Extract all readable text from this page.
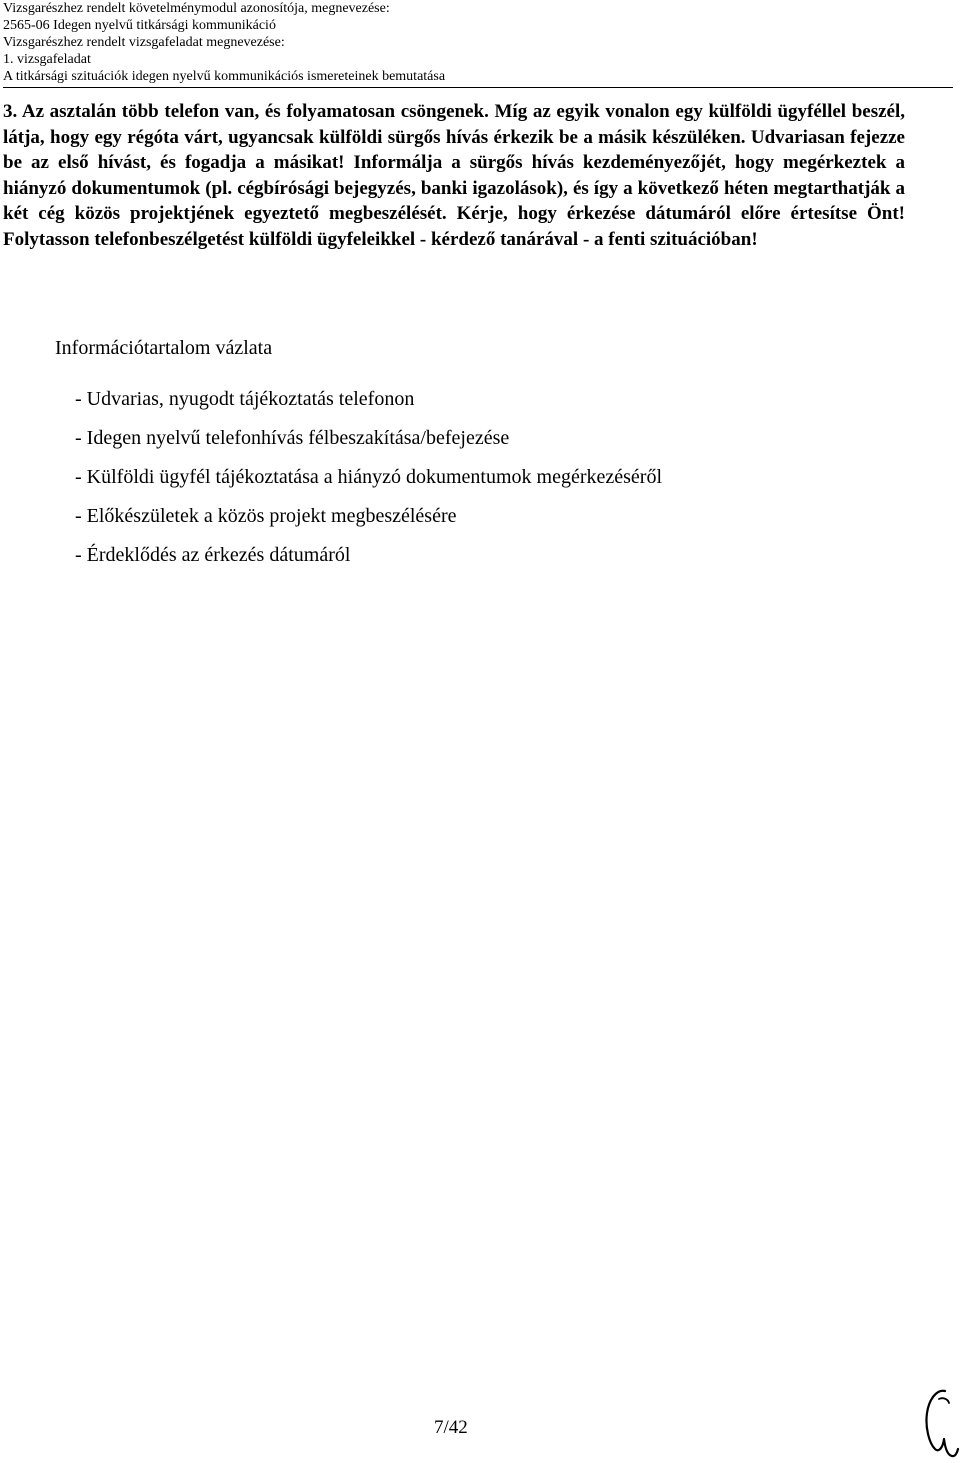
Vizsgarészhez rendelt követelménymodul azonosítója, megnevezése:
2565-06 Idegen nyelvű titkársági kommunikáció
Vizsgarészhez rendelt vizsgafeladat megnevezése:
1. vizsgafeladat
A titkársági szituációk idegen nyelvű kommunikációs ismereteinek bemutatása
3. Az asztalán több telefon van, és folyamatosan csöngenek. Míg az egyik vonalon egy külföldi ügyféllel beszél, látja, hogy egy régóta várt, ugyancsak külföldi sürgős hívás érkezik be a másik készüléken. Udvariasan fejezze be az első hívást, és fogadja a másikat! Informálja a sürgős hívás kezdeményezőjét, hogy megérkeztek a hiányzó dokumentumok (pl. cégbírósági bejegyzés, banki igazolások), és így a következő héten megtarthatják a két cég közös projektjének egyeztető megbeszélését. Kérje, hogy érkezése dátumáról előre értesítse Önt! Folytasson telefonbeszélgetést külföldi ügyfeleikkel - kérdező tanárával - a fenti szituációban!
Információtartalom vázlata
- Udvarias, nyugodt tájékoztatás telefonon
- Idegen nyelvű telefonhívás félbeszakítása/befejezése
- Külföldi ügyfél tájékoztatása a hiányzó dokumentumok megérkezéséről
- Előkészületek a közös projekt megbeszélésére
- Érdeklődés az érkezés dátumáról
7/42
